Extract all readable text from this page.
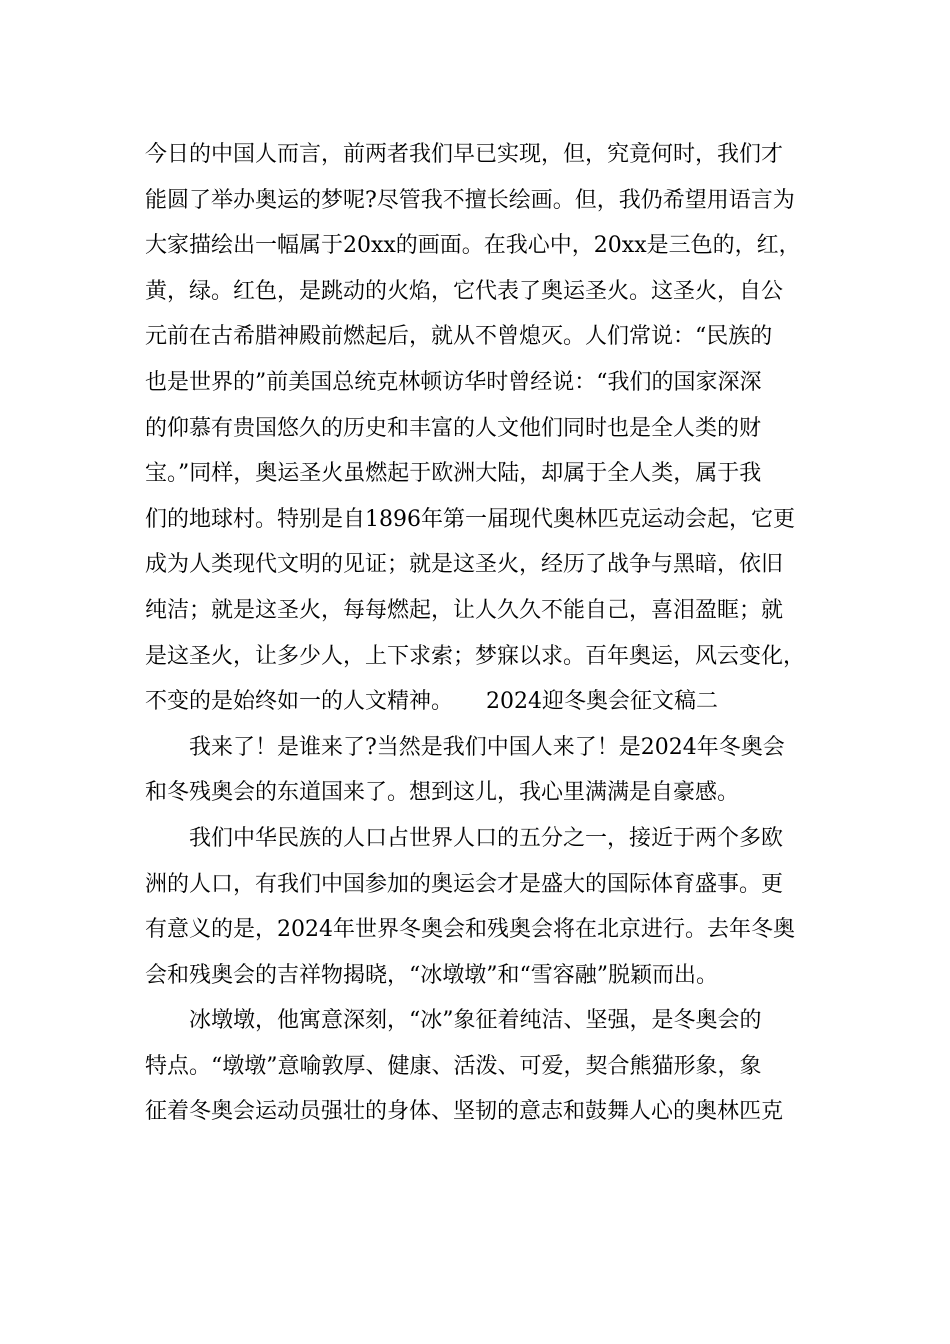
今日的中国人而言，前两者我们早已实现，但，究竟何时，我们才
能圆了举办奥运的梦呢?尽管我不擅长绘画。但，我仍希望用语言为
大家描绘出一幅属于20xx的画面。在我心中，20xx是三色的，红，
黄，绿。红色，是跳动的火焰，它代表了奥运圣火。这圣火，自公
元前在古希腊神殿前燃起后，就从不曾熄灭。人们常说：“民族的
也是世界的”前美国总统克林顿访华时曾经说：“我们的国家深深
的仰慕有贵国悠久的历史和丰富的人文他们同时也是全人类的财
宝。”同样，奥运圣火虽燃起于欧洲大陆，却属于全人类，属于我
们的地球村。特别是自1896年第一届现代奥林匹克运动会起，它更
成为人类现代文明的见证；就是这圣火，经历了战争与黑暗，依旧
纯洁；就是这圣火，每每燃起，让人久久不能自己，喜泪盈眶；就
是这圣火，让多少人，上下求索；梦寐以求。百年奥运，风云变化，
不变的是始终如一的人文精神。　　2024迎冬奥会征文稿二
我来了！是谁来了?当然是我们中国人来了！是2024年冬奥会
和冬残奥会的东道国来了。想到这儿，我心里满满是自豪感。
我们中华民族的人口占世界人口的五分之一，接近于两个多欧
洲的人口，有我们中国参加的奥运会才是盛大的国际体育盛事。更
有意义的是，2024年世界冬奥会和残奥会将在北京进行。去年冬奥
会和残奥会的吉祥物揭晓，“冰墩墩”和“雪容融”脱颖而出。
冰墩墩，他寓意深刻，“冰”象征着纯洁、坚强，是冬奥会的
特点。“墩墩”意喻敦厚、健康、活泼、可爱，契合熊猫形象，象
征着冬奥会运动员强壮的身体、坚韧的意志和鼓舞人心的奥林匹克
